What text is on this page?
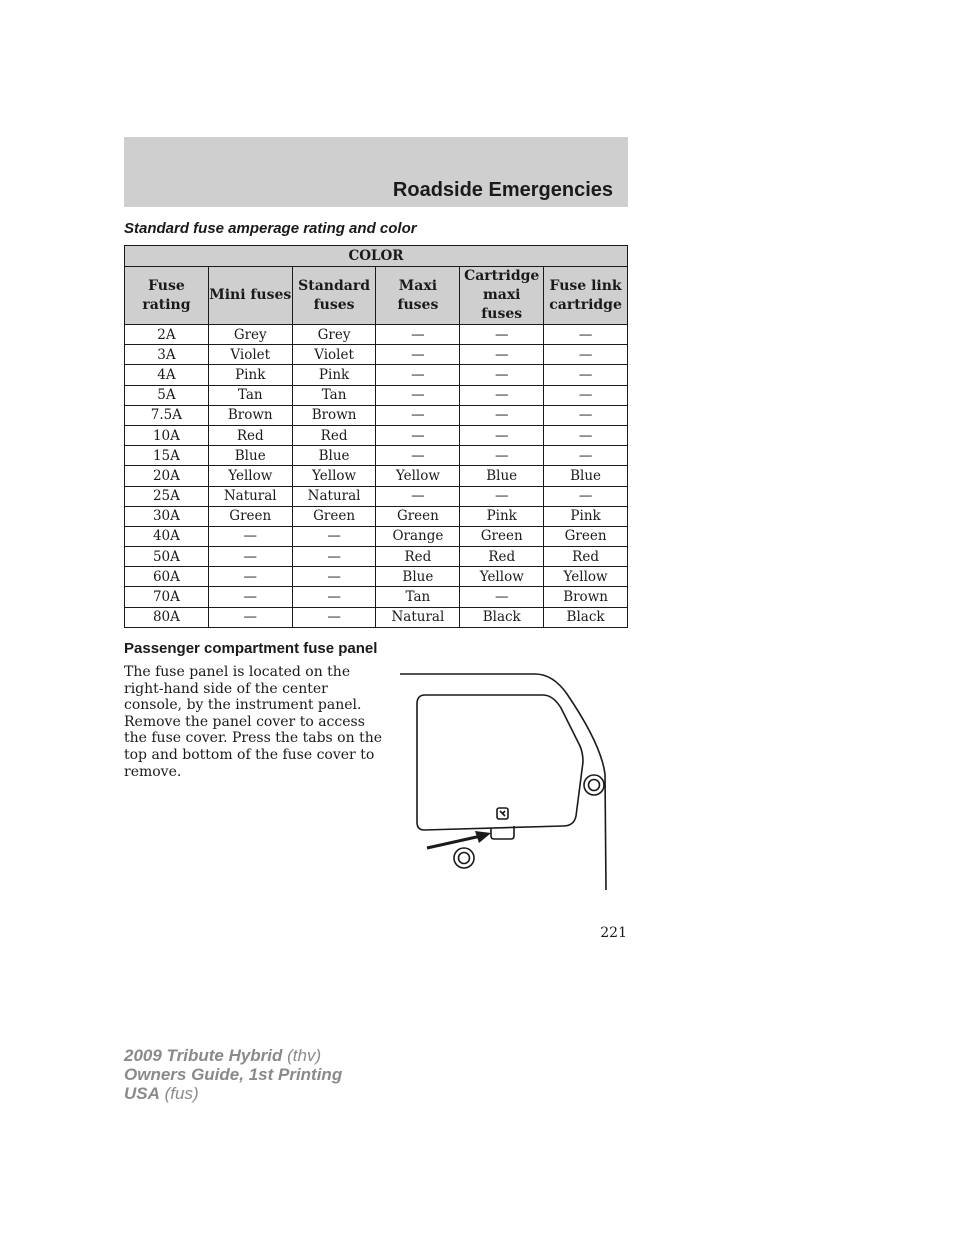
Roadside Emergencies
Standard fuse amperage rating and color
COLOR					
Fuse rating	Mini fuses	Standard fuses	Maxi fuses	Cartridge maxi fuses	Fuse link cartridge
2A	Grey	Grey	—	—	—
3A	Violet	Violet	—	—	—
4A	Pink	Pink	—	—	—
5A	Tan	Tan	—	—	—
7.5A	Brown	Brown	—	—	—
10A	Red	Red	—	—	—
15A	Blue	Blue	—	—	—
20A	Yellow	Yellow	Yellow	Blue	Blue
25A	Natural	Natural	—	—	—
30A	Green	Green	Green	Pink	Pink
40A	—	—	Orange	Green	Green
50A	—	—	Red	Red	Red
60A	—	—	Blue	Yellow	Yellow
70A	—	—	Tan	—	Brown
80A	—	—	Natural	Black	Black
Passenger compartment fuse panel
The fuse panel is located on the right-hand side of the center console, by the instrument panel. Remove the panel cover to access the fuse cover. Press the tabs on the top and bottom of the fuse cover to remove.
221
2009 Tribute Hybrid (thv)
Owners Guide, 1st Printing
USA (fus)
